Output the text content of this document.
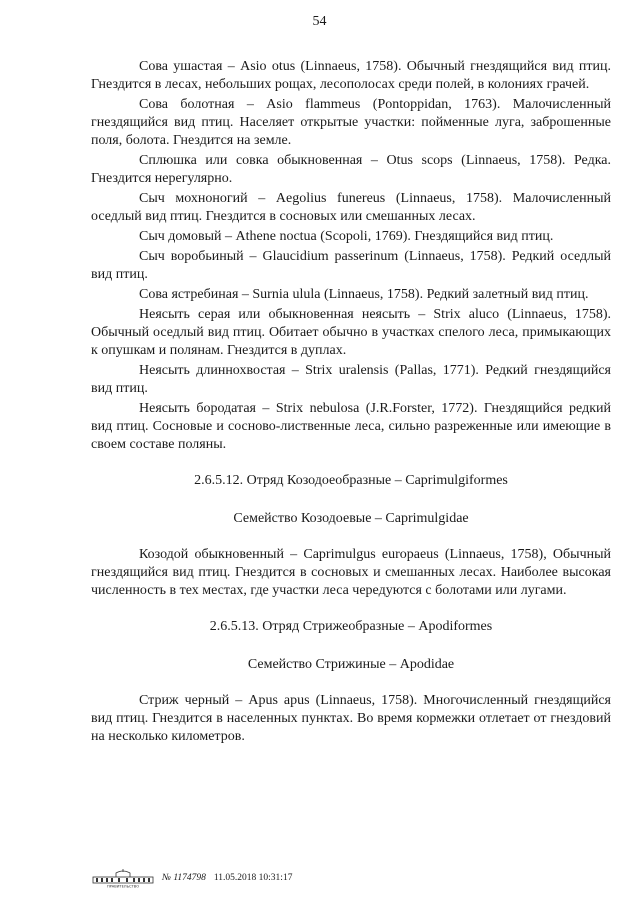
54

Сова ушастая – Asio otus (Linnaeus, 1758). Обычный гнездящийся вид птиц. Гнездится в лесах, небольших рощах, лесополосах среди полей, в колониях грачей.

Сова болотная – Asio flammeus (Pontoppidan, 1763). Малочисленный гнездящийся вид птиц. Населяет открытые участки: пойменные луга, заброшенные поля, болота. Гнездится на земле.

Сплюшка или совка обыкновенная – Otus scops (Linnaeus, 1758). Редка. Гнездится нерегулярно.

Сыч мохноногий – Aegolius funereus (Linnaeus, 1758). Малочисленный оседлый вид птиц. Гнездится в сосновых или смешанных лесах.

Сыч домовый – Athene noctua (Scopoli, 1769). Гнездящийся вид птиц.

Сыч воробьиный – Glaucidium passerinum (Linnaeus, 1758). Редкий оседлый вид птиц.

Сова ястребиная – Surnia ulula (Linnaeus, 1758). Редкий залетный вид птиц.

Неясыть серая или обыкновенная неясыть – Strix aluco (Linnaeus, 1758). Обычный оседлый вид птиц. Обитает обычно в участках спелого леса, примыкающих к опушкам и полянам. Гнездится в дуплах.

Неясыть длиннохвостая – Strix uralensis (Pallas, 1771). Редкий гнездящийся вид птиц.

Неясыть бородатая – Strix nebulosa (J.R.Forster, 1772). Гнездящийся редкий вид птиц. Сосновые и сосново-лиственные леса, сильно разреженные или имеющие в своем составе поляны.

2.6.5.12. Отряд Козодоеобразные – Caprimulgiformes
Семейство Козодоевые – Caprimulgidae

Козодой обыкновенный – Caprimulgus europaeus (Linnaeus, 1758), Обычный гнездящийся вид птиц. Гнездится в сосновых и смешанных лесах. Наиболее высокая численность в тех местах, где участки леса чередуются с болотами или лугами.

2.6.5.13. Отряд Стрижеобразные – Apodiformes
Семейство Стрижиные – Apodidae

Стриж черный – Apus apus (Linnaeus, 1758). Многочисленный гнездящийся вид птиц. Гнездится в населенных пунктах. Во время кормежки отлетает от гнездовий на несколько километров.

ПРАВИТЕЛЬСТВО
№ 1174798 11.05.2018 10:31:17
